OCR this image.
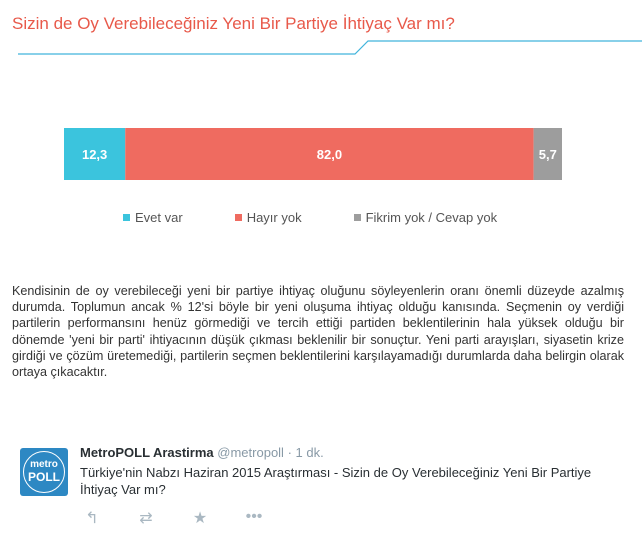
Sizin de Oy Verebileceğiniz Yeni Bir Partiye İhtiyaç Var mı?
12,3	82,0	5,7
Evet var	Hayır yok	Fikrim yok / Cevap yok
Kendisinin de oy verebileceği yeni bir partiye ihtiyaç oluğunu söyleyenlerin oranı önemli düzeyde azalmış durumda. Toplumun ancak % 12'si böyle bir yeni oluşuma ihtiyaç olduğu kanısında. Seçmenin oy verdiği partilerin performansını henüz görmediği ve tercih ettiği partiden beklentilerinin hala yüksek olduğu bir dönemde 'yeni bir parti' ihtiyacının düşük çıkması beklenilir bir sonuçtur. Yeni parti arayışları, siyasetin krize girdiği ve çözüm üretemediği, partilerin seçmen beklentilerini karşılayamadığı durumlarda daha belirgin olarak ortaya çıkacaktır.
metro
POLL
MetroPOLL Arastirma @metropoll · 1 dk.
Türkiye'nin Nabzı Haziran 2015 Araştırması - Sizin de Oy Verebileceğiniz Yeni Bir Partiye İhtiyaç Var mı?
↰	⇄	★	•••
